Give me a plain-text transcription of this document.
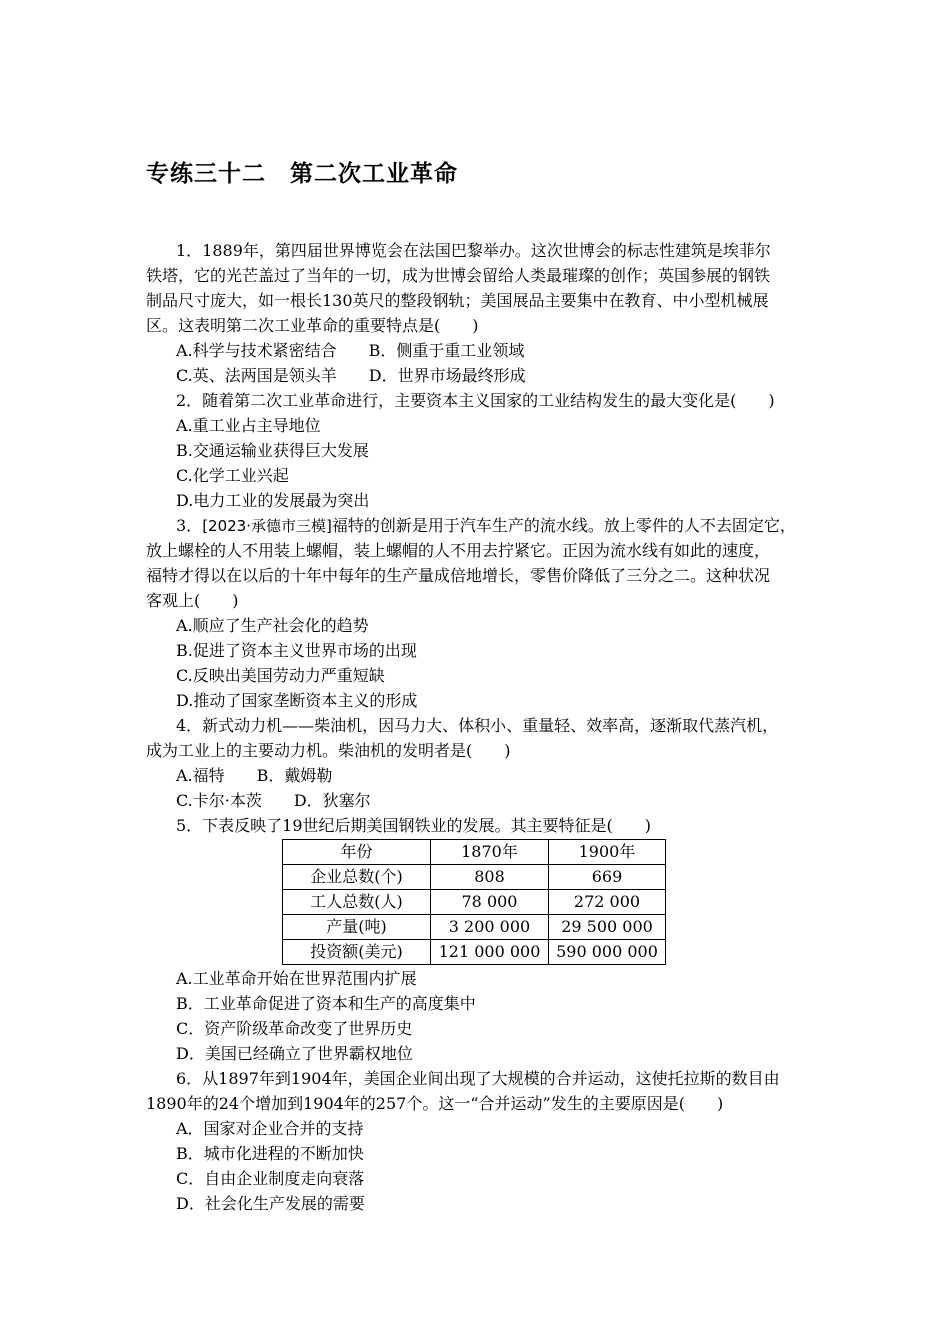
专练三十二　第二次工业革命
1．1889年，第四届世界博览会在法国巴黎举办。这次世博会的标志性建筑是埃菲尔
铁塔，它的光芒盖过了当年的一切，成为世博会留给人类最璀璨的创作；英国参展的钢铁
制品尺寸庞大，如一根长130英尺的整段钢轨；美国展品主要集中在教育、中小型机械展
区。这表明第二次工业革命的重要特点是(　　)
A.科学与技术紧密结合　　B．侧重于重工业领域
C.英、法两国是领头羊　　D．世界市场最终形成
2．随着第二次工业革命进行，主要资本主义国家的工业结构发生的最大变化是(　　)
A.重工业占主导地位
B.交通运输业获得巨大发展
C.化学工业兴起
D.电力工业的发展最为突出
3．[2023·承德市三模]福特的创新是用于汽车生产的流水线。放上零件的人不去固定它，
放上螺栓的人不用装上螺帽，装上螺帽的人不用去拧紧它。正因为流水线有如此的速度，
福特才得以在以后的十年中每年的生产量成倍地增长，零售价降低了三分之二。这种状况
客观上(　　)
A.顺应了生产社会化的趋势
B.促进了资本主义世界市场的出现
C.反映出美国劳动力严重短缺
D.推动了国家垄断资本主义的形成
4．新式动力机——柴油机，因马力大、体积小、重量轻、效率高，逐渐取代蒸汽机，
成为工业上的主要动力机。柴油机的发明者是(　　)
A.福特　　B．戴姆勒
C.卡尔·本茨　　D．狄塞尔
5．下表反映了19世纪后期美国钢铁业的发展。其主要特征是(　　)
年份	1870年	1900年
企业总数(个)	808	669
工人总数(人)	78 000	272 000
产量(吨)	3 200 000	29 500 000
投资额(美元)	121 000 000	590 000 000
A.工业革命开始在世界范围内扩展
B．工业革命促进了资本和生产的高度集中
C．资产阶级革命改变了世界历史
D．美国已经确立了世界霸权地位
6．从1897年到1904年，美国企业间出现了大规模的合并运动，这使托拉斯的数目由
1890年的24个增加到1904年的257个。这一“合并运动”发生的主要原因是(　　)
A．国家对企业合并的支持
B．城市化进程的不断加快
C．自由企业制度走向衰落
D．社会化生产发展的需要
